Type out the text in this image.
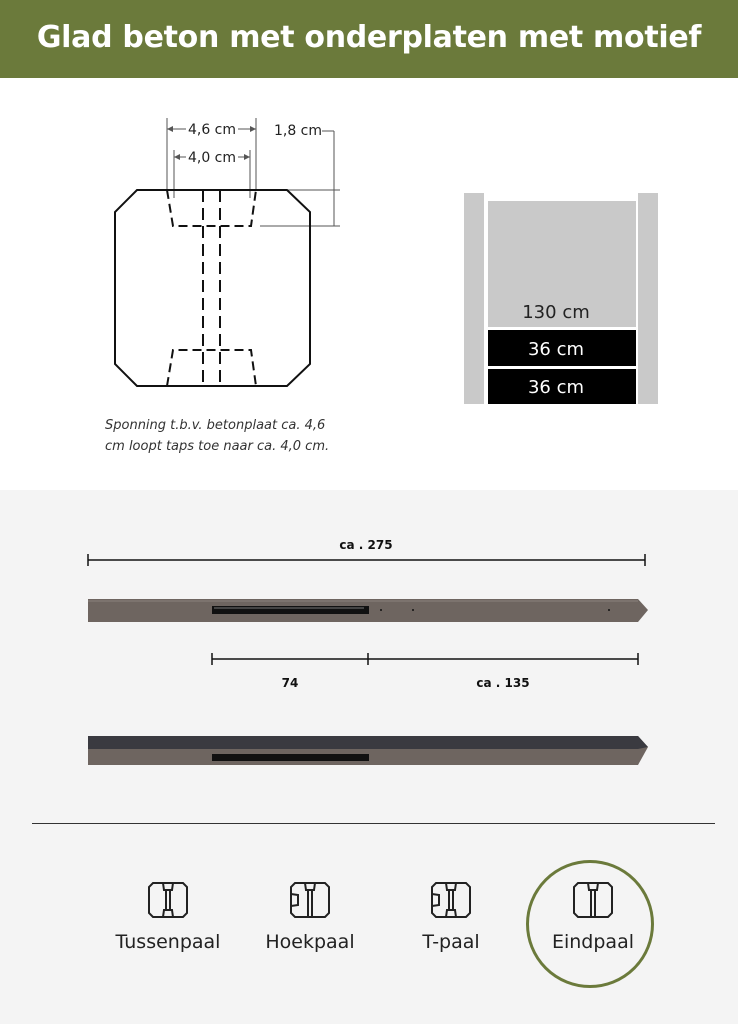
Glad beton met onderplaten met motief
4,6 cm
4,0 cm
1,8 cm
Sponning t.b.v. betonplaat ca. 4,6
cm loopt taps toe naar ca. 4,0 cm.
130 cm
36 cm
36 cm
ca . 275
74	ca . 135
Tussenpaal	Hoekpaal	T-paal	Eindpaal
